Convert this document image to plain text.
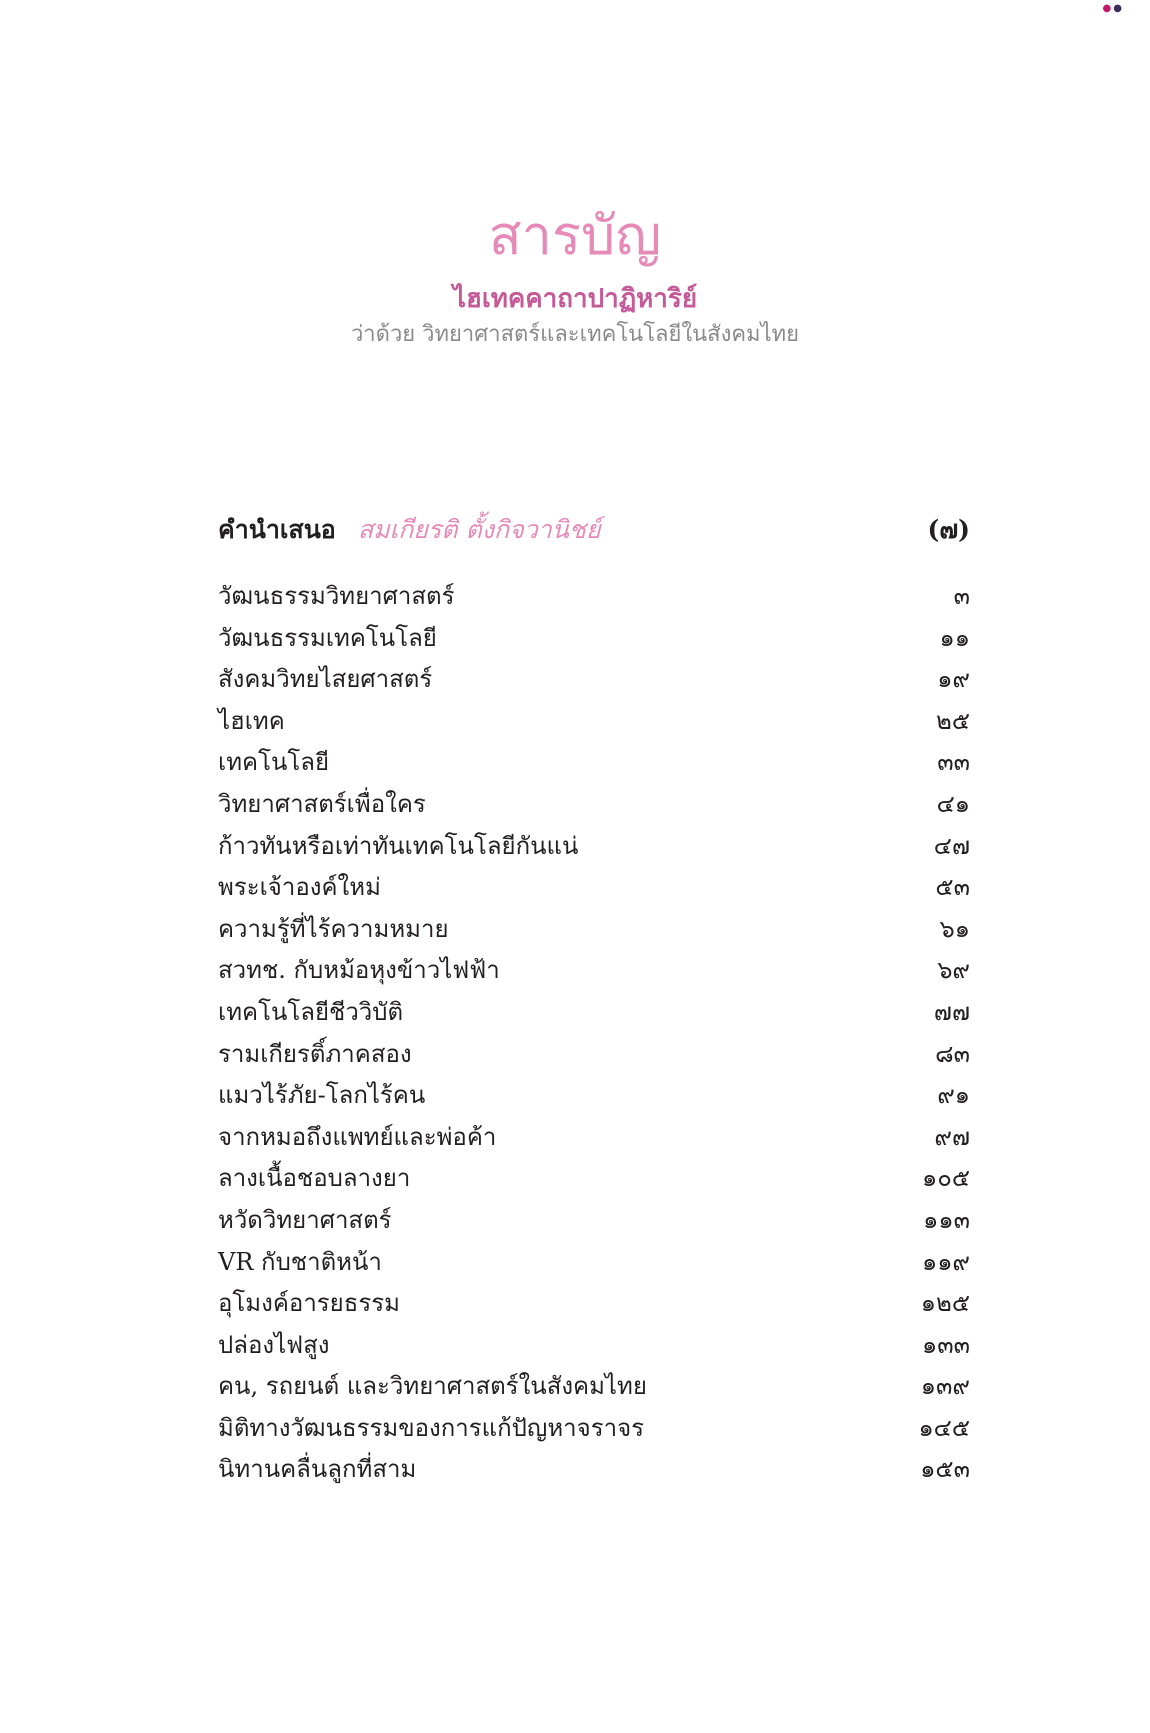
●●
สารบัญ
ไฮเทคคาถาปาฏิหาริย์
ว่าด้วย วิทยาศาสตร์และเทคโนโลยีในสังคมไทย
คำนำเสนอ สมเกียรติ ตั้งกิจวานิชย์	(๗)
วัฒนธรรมวิทยาศาสตร์	๓
วัฒนธรรมเทคโนโลยี	๑๑
สังคมวิทยไสยศาสตร์	๑๙
ไฮเทค	๒๕
เทคโนโลยี	๓๓
วิทยาศาสตร์เพื่อใคร	๔๑
ก้าวทันหรือเท่าทันเทคโนโลยีกันแน่	๔๗
พระเจ้าองค์ใหม่	๕๓
ความรู้ที่ไร้ความหมาย	๖๑
สวทช. กับหม้อหุงข้าวไฟฟ้า	๖๙
เทคโนโลยีชีววิบัติ	๗๗
รามเกียรติ์ภาคสอง	๘๓
แมวไร้ภัย-โลกไร้คน	๙๑
จากหมอถึงแพทย์และพ่อค้า	๙๗
ลางเนื้อชอบลางยา	๑๐๕
หวัดวิทยาศาสตร์	๑๑๓
VR กับชาติหน้า	๑๑๙
อุโมงค์อารยธรรม	๑๒๕
ปล่องไฟสูง	๑๓๓
คน, รถยนต์ และวิทยาศาสตร์ในสังคมไทย	๑๓๙
มิติทางวัฒนธรรมของการแก้ปัญหาจราจร	๑๔๕
นิทานคลื่นลูกที่สาม	๑๕๓
